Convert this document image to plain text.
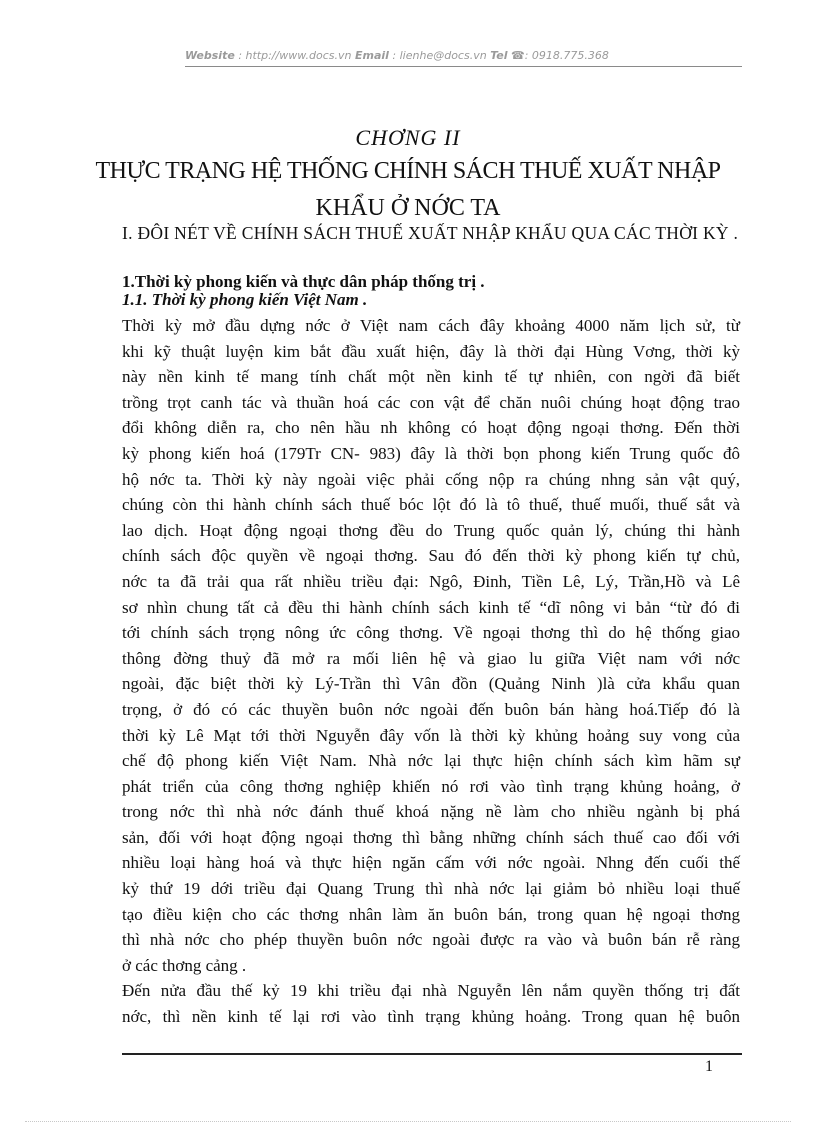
Website : http://www.docs.vn Email : lienhe@docs.vn Tel ☎: 0918.775.368
CHƠNG II
THỰC TRẠNG HỆ THỐNG CHÍNH SÁCH THUẾ XUẤT NHẬP
KHẨU Ở NỚC TA
I. ĐÔI NÉT VỀ CHÍNH SÁCH THUẾ XUẤT NHẬP KHẨU QUA CÁC THỜI KỲ .
1.Thời kỳ phong kiến và thực dân pháp thống trị .
1.1. Thời kỳ phong kiến Việt Nam .
Thời kỳ mở đầu dựng nớc ở Việt nam cách đây khoảng 4000 năm lịch sử, từ
khi kỹ thuật luyện kim bắt đầu xuất hiện, đây là thời đại Hùng Vơng, thời kỳ
này nền kinh tế mang tính chất một nền kinh tế tự nhiên, con ngời đã biết
trồng trọt canh tác và thuần hoá các con vật để chăn nuôi chúng hoạt động trao
đổi không diễn ra, cho nên hầu nh không có hoạt động ngoại thơng. Đến thời
kỳ phong kiến hoá (179Tr CN- 983) đây là thời bọn phong kiến Trung quốc đô
hộ nớc ta. Thời kỳ này ngoài việc phải cống nộp ra chúng nhng sản vật quý,
chúng còn thi hành chính sách thuế bóc lột đó là tô thuế, thuế muối, thuế sắt và
lao dịch. Hoạt động ngoại thơng đều do Trung quốc quản lý, chúng thi hành
chính sách độc quyền về ngoại thơng. Sau đó đến thời kỳ phong kiến tự chủ,
nớc ta đã trải qua rất nhiều triều đại: Ngô, Đinh, Tiền Lê, Lý, Trần,Hồ và Lê
sơ nhìn chung tất cả đều thi hành chính sách kinh tế “dĩ nông vi bản “từ đó đi
tới chính sách trọng nông ức công thơng. Về ngoại thơng thì do hệ thống giao
thông đờng thuỷ đã mở ra mối liên hệ và giao lu giữa Việt nam với nớc
ngoài, đặc biệt thời kỳ Lý-Trần thì Vân đồn (Quảng Ninh )là cửa khẩu quan
trọng, ở đó có các thuyền buôn nớc ngoài đến buôn bán hàng hoá.Tiếp đó là
thời kỳ Lê Mạt tới thời Nguyễn đây vốn là thời kỳ khủng hoảng suy vong của
chế độ phong kiến Việt Nam. Nhà nớc lại thực hiện chính sách kìm hãm sự
phát triển của công thơng nghiệp khiến nó rơi vào tình trạng khủng hoảng, ở
trong nớc thì nhà nớc đánh thuế khoá nặng nề làm cho nhiều ngành bị phá
sản, đối với hoạt động ngoại thơng thì bằng những chính sách thuế cao đối với
nhiều loại hàng hoá và thực hiện ngăn cấm với nớc ngoài. Nhng đến cuối thế
kỷ thứ 19 dới triều đại Quang Trung thì nhà nớc lại giảm bỏ nhiều loại thuế
tạo điều kiện cho các thơng nhân làm ăn buôn bán, trong quan hệ ngoại thơng
thì nhà nớc cho phép thuyền buôn nớc ngoài được ra vào và buôn bán rễ ràng
ở các thơng cảng .
Đến nửa đầu thế kỷ 19 khi triều đại nhà Nguyễn lên nắm quyền thống trị đất
nớc, thì nền kinh tế lại rơi vào tình trạng khủng hoảng. Trong quan hệ buôn
1
